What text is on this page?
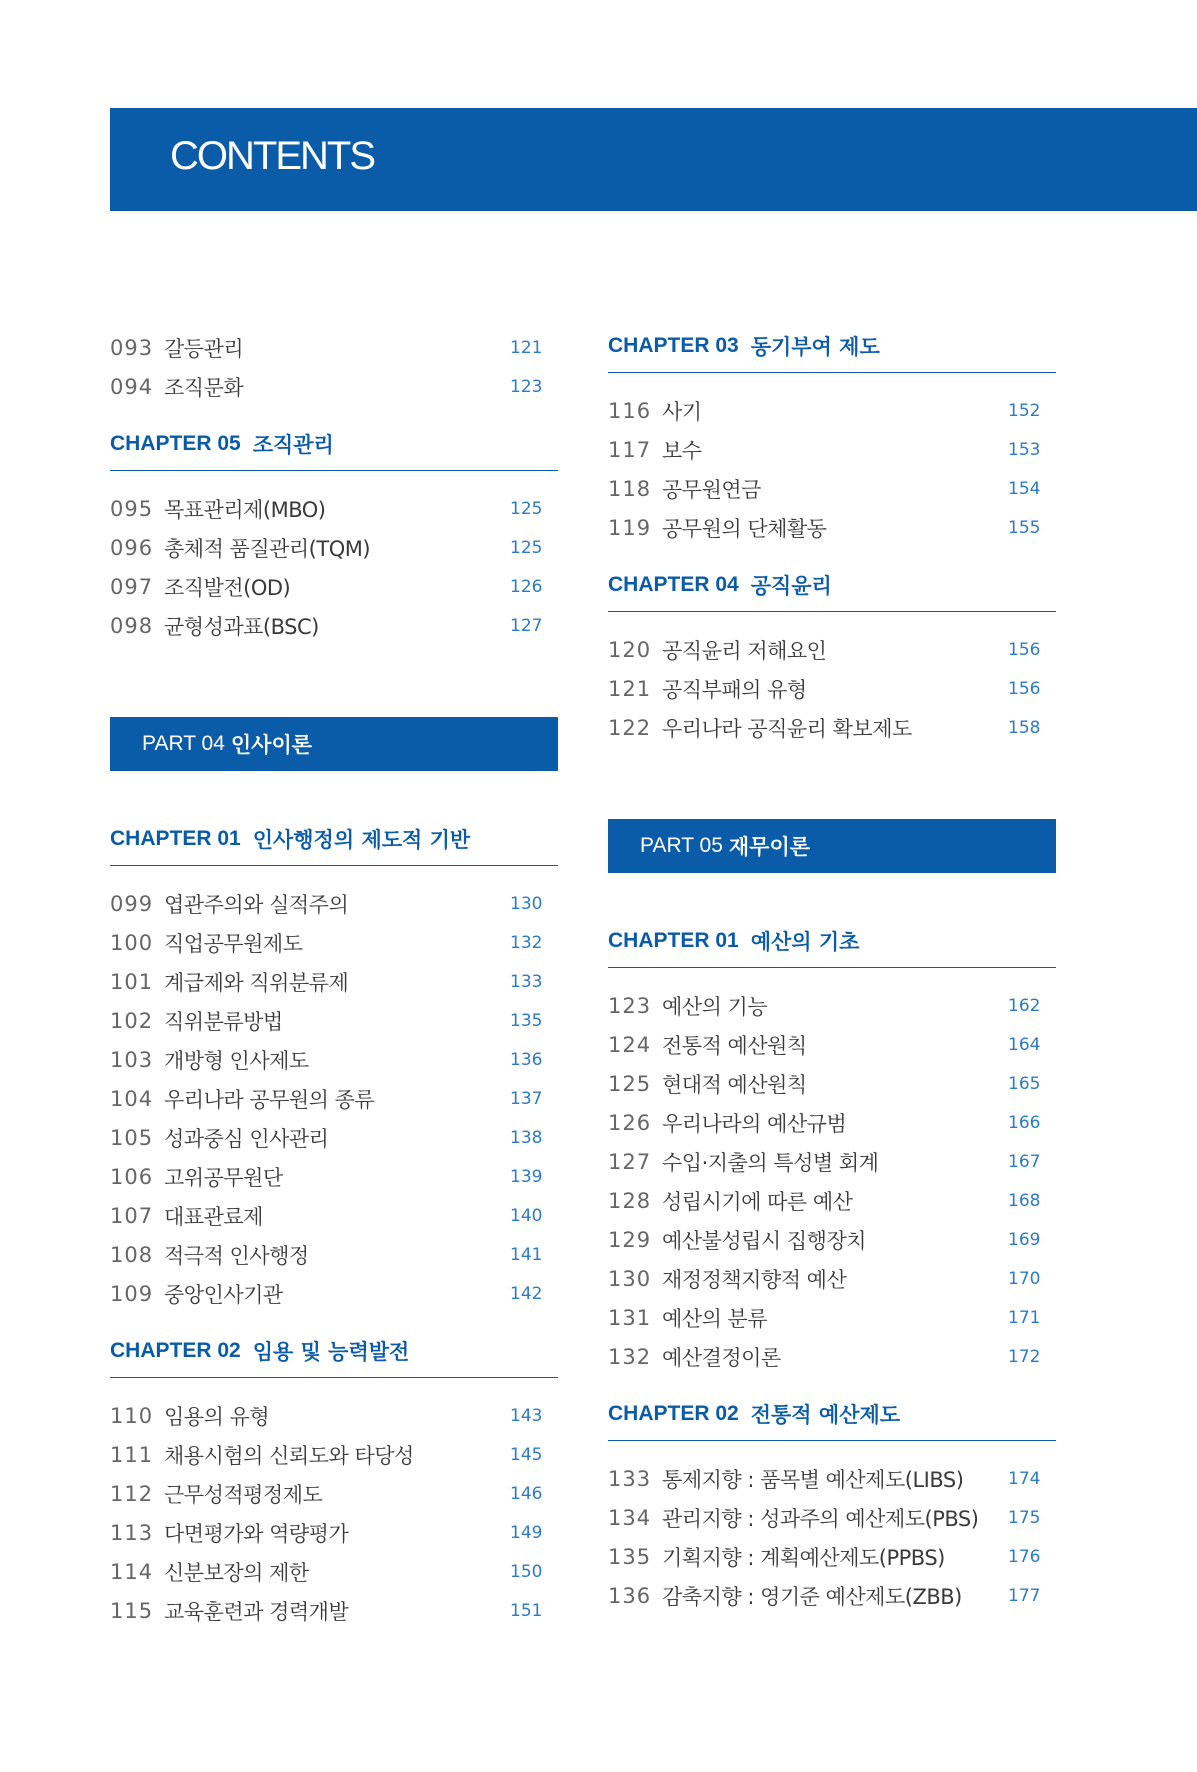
CONTENTS
093 갈등관리	121
094 조직문화	123
CHAPTER 05 조직관리
095 목표관리제(MBO)	125
096 총체적 품질관리(TQM)	125
097 조직발전(OD)	126
098 균형성과표(BSC)	127
PART 04 인사이론
CHAPTER 01 인사행정의 제도적 기반
099 엽관주의와 실적주의	130
100 직업공무원제도	132
101 계급제와 직위분류제	133
102 직위분류방법	135
103 개방형 인사제도	136
104 우리나라 공무원의 종류	137
105 성과중심 인사관리	138
106 고위공무원단	139
107 대표관료제	140
108 적극적 인사행정	141
109 중앙인사기관	142
CHAPTER 02 임용 및 능력발전
110 임용의 유형	143
111 채용시험의 신뢰도와 타당성	145
112 근무성적평정제도	146
113 다면평가와 역량평가	149
114 신분보장의 제한	150
115 교육훈련과 경력개발	151
CHAPTER 03 동기부여 제도
116 사기	152
117 보수	153
118 공무원연금	154
119 공무원의 단체활동	155
CHAPTER 04 공직윤리
120 공직윤리 저해요인	156
121 공직부패의 유형	156
122 우리나라 공직윤리 확보제도	158
PART 05 재무이론
CHAPTER 01 예산의 기초
123 예산의 기능	162
124 전통적 예산원칙	164
125 현대적 예산원칙	165
126 우리나라의 예산규범	166
127 수입·지출의 특성별 회계	167
128 성립시기에 따른 예산	168
129 예산불성립시 집행장치	169
130 재정정책지향적 예산	170
131 예산의 분류	171
132 예산결정이론	172
CHAPTER 02 전통적 예산제도
133 통제지향 : 품목별 예산제도(LIBS)	174
134 관리지향 : 성과주의 예산제도(PBS)	175
135 기획지향 : 계획예산제도(PPBS)	176
136 감축지향 : 영기준 예산제도(ZBB)	177
